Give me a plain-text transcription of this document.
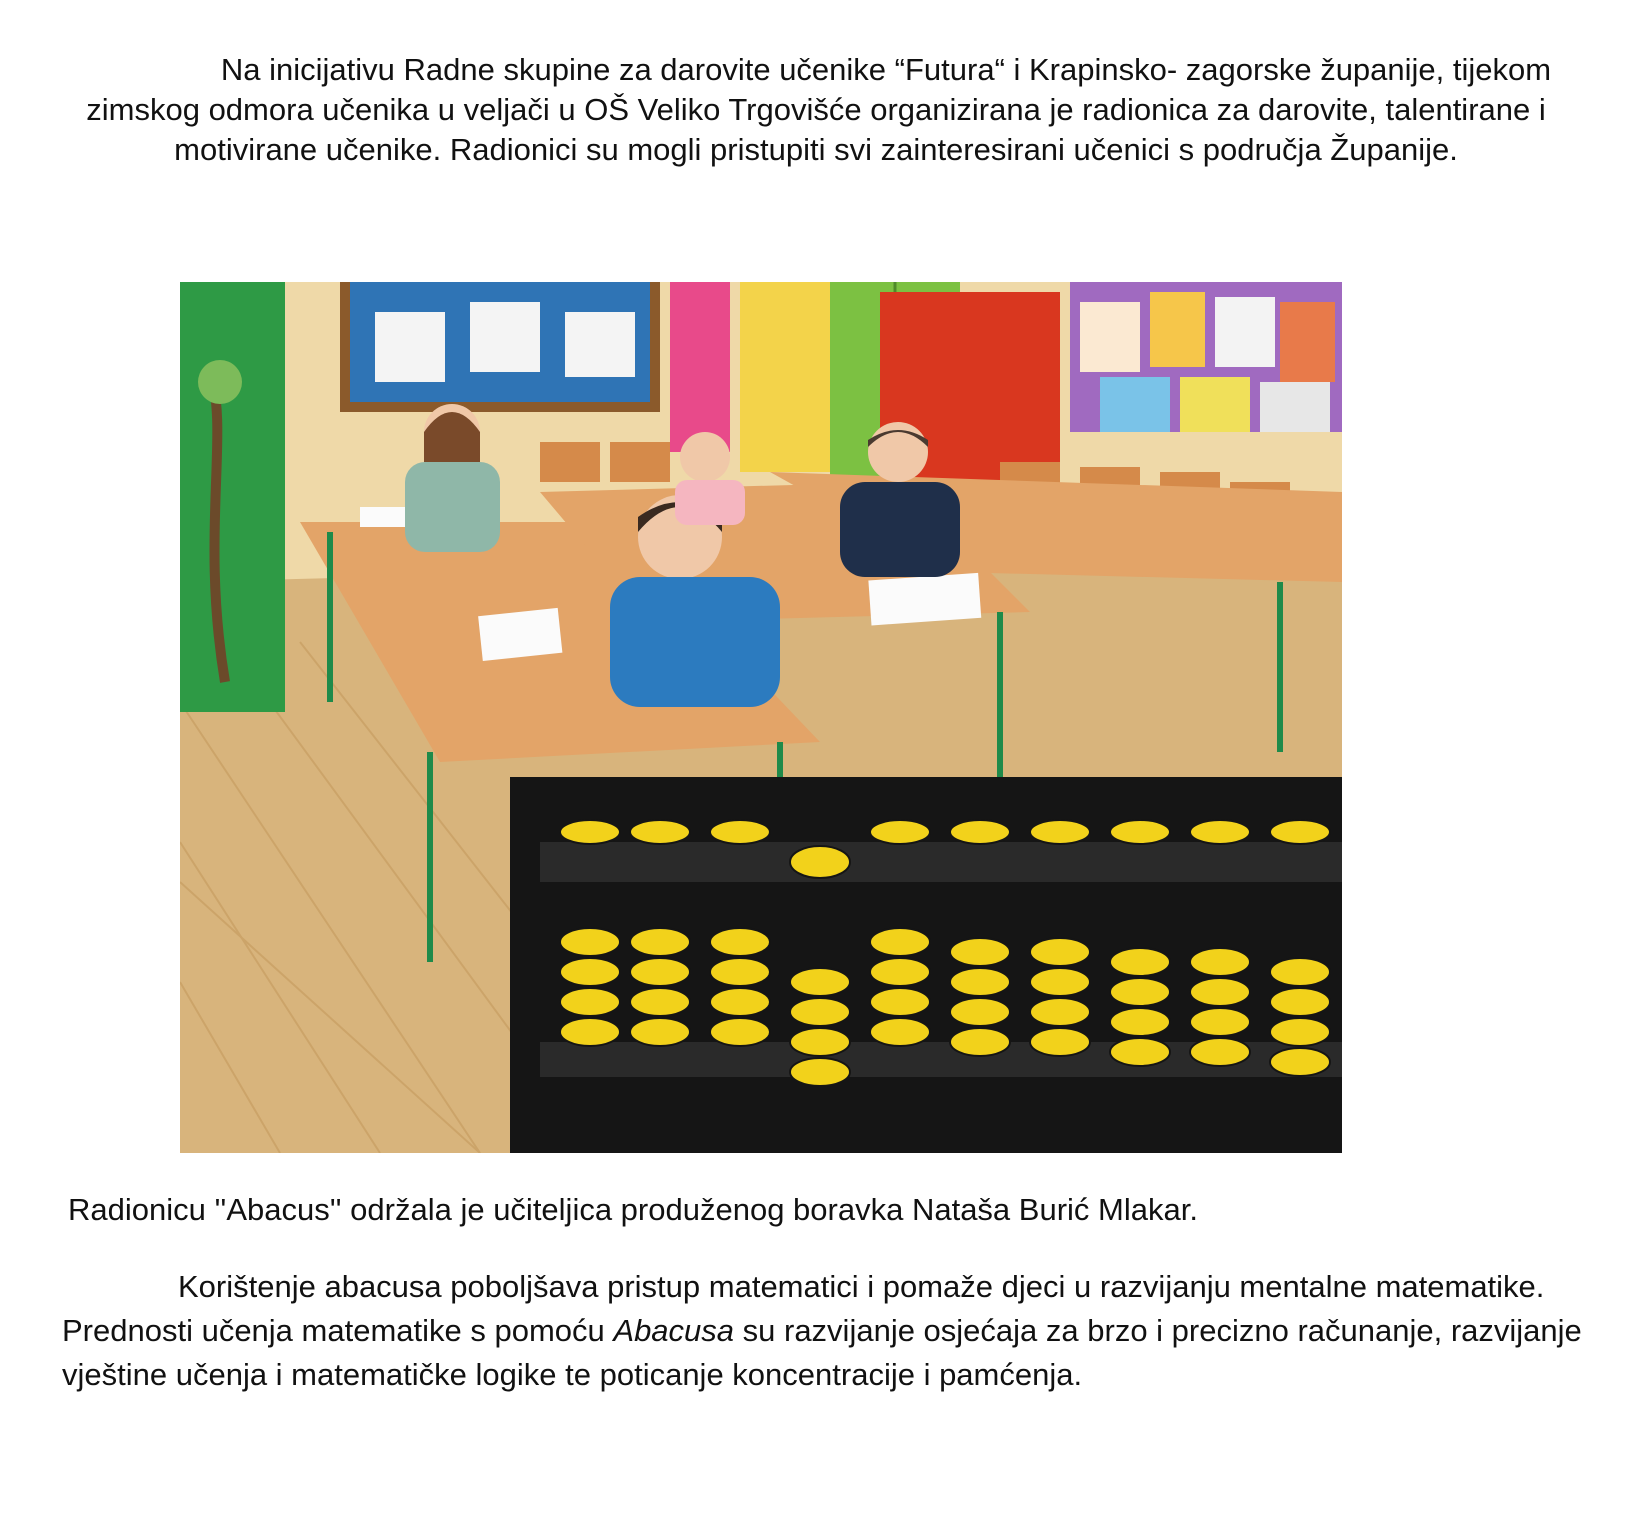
Na inicijativu Radne skupine za darovite učenike “Futura“ i Krapinsko- zagorske županije, tijekom zimskog odmora učenika u veljači u OŠ Veliko Trgovišće organizirana je radionica za darovite, talentirane i motivirane učenike. Radionici su mogli pristupiti svi zainteresirani učenici s područja Županije.

Radionicu ''Abacus'' održala je učiteljica produženog boravka Nataša Burić Mlakar.

Korištenje abacusa poboljšava pristup matematici i pomaže djeci u razvijanju mentalne matematike. Prednosti učenja matematike s pomoću Abacusa su razvijanje osjećaja za brzo i precizno računanje, razvijanje vještine učenja i matematičke logike te poticanje koncentracije i pamćenja.
